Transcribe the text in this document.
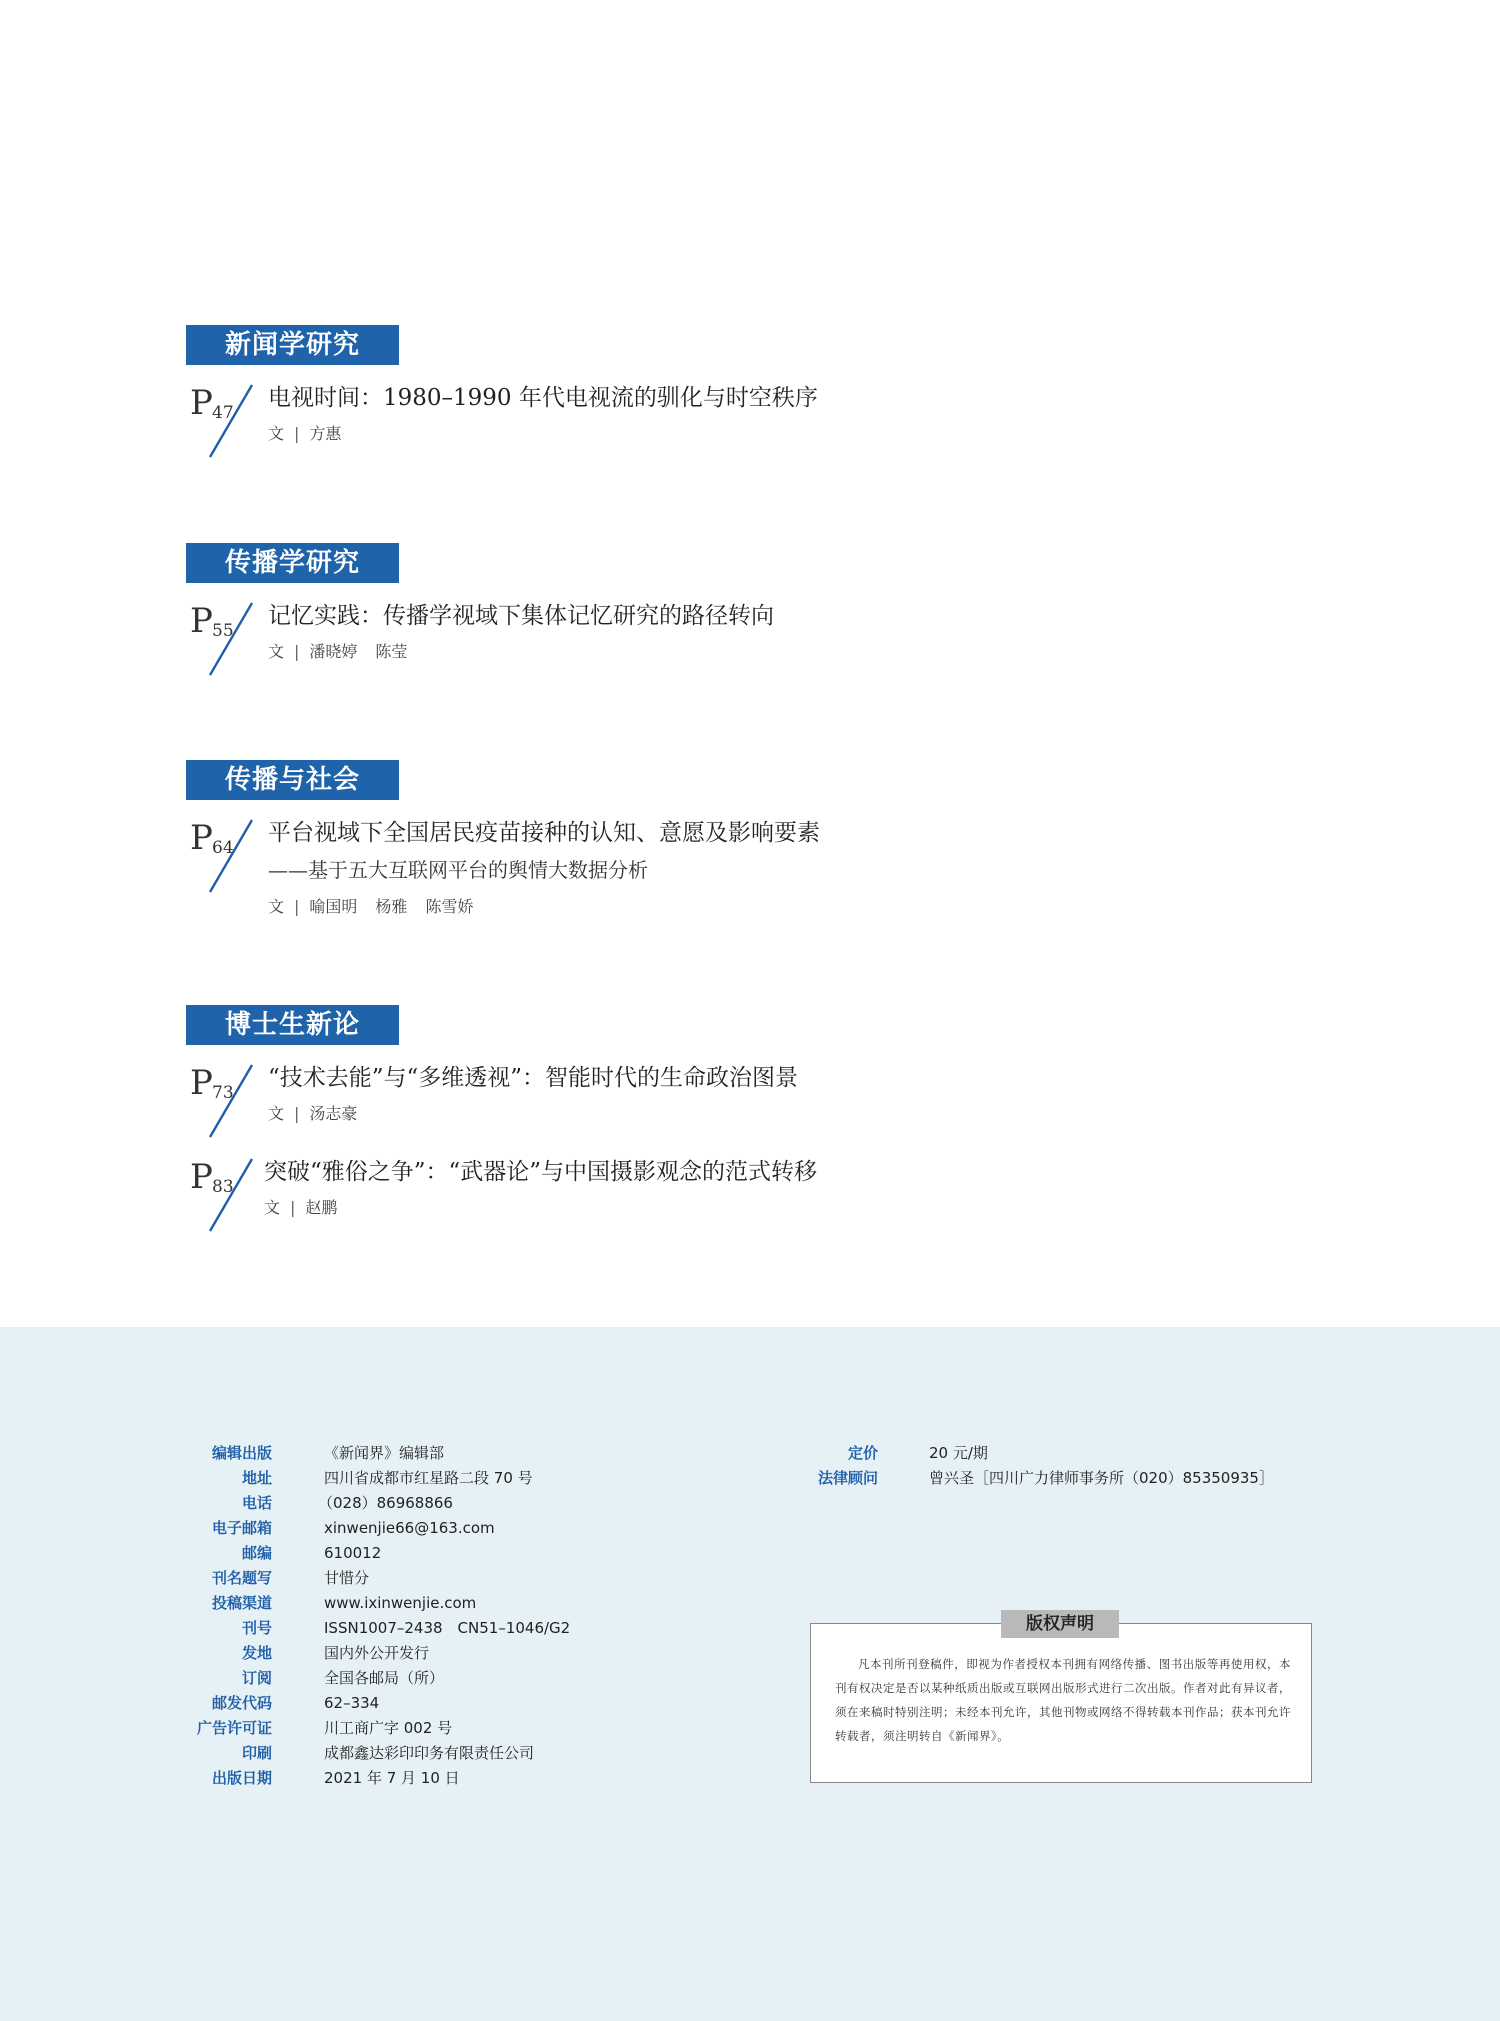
新闻学研究
P 47
电视时间：1980–1990 年代电视流的驯化与时空秩序
文 | 方惠
传播学研究
P 55
记忆实践：传播学视域下集体记忆研究的路径转向
文 | 潘晓婷 陈莹
传播与社会
P 64
平台视域下全国居民疫苗接种的认知、意愿及影响要素
——基于五大互联网平台的舆情大数据分析
文 | 喻国明 杨雅 陈雪娇
博士生新论
P 73
“技术去能”与“多维透视”：智能时代的生命政治图景
文 | 汤志豪
P 83
突破“雅俗之争”：“武器论”与中国摄影观念的范式转移
文 | 赵鹏
编辑出版	《新闻界》编辑部
地址	四川省成都市红星路二段 70 号
电话	（028）86968866
电子邮箱	xinwenjie66@163.com
邮编	610012
刊名题写	甘惜分
投稿渠道	www.ixinwenjie.com
刊号	ISSN1007–2438　CN51–1046/G2
发地	国内外公开发行
订阅	全国各邮局（所）
邮发代码	62–334
广告许可证	川工商广字 002 号
印刷	成都鑫达彩印印务有限责任公司
出版日期	2021 年 7 月 10 日
定价	20 元/期
法律顾问	曾兴圣［四川广力律师事务所（020）85350935］
版权声明
凡本刊所刊登稿件，即视为作者授权本刊拥有网络传播、图书出版等再使用权，本刊有权决定是否以某种纸质出版或互联网出版形式进行二次出版。作者对此有异议者，须在来稿时特别注明；未经本刊允许，其他刊物或网络不得转载本刊作品；获本刊允许转载者，须注明转自《新闻界》。
